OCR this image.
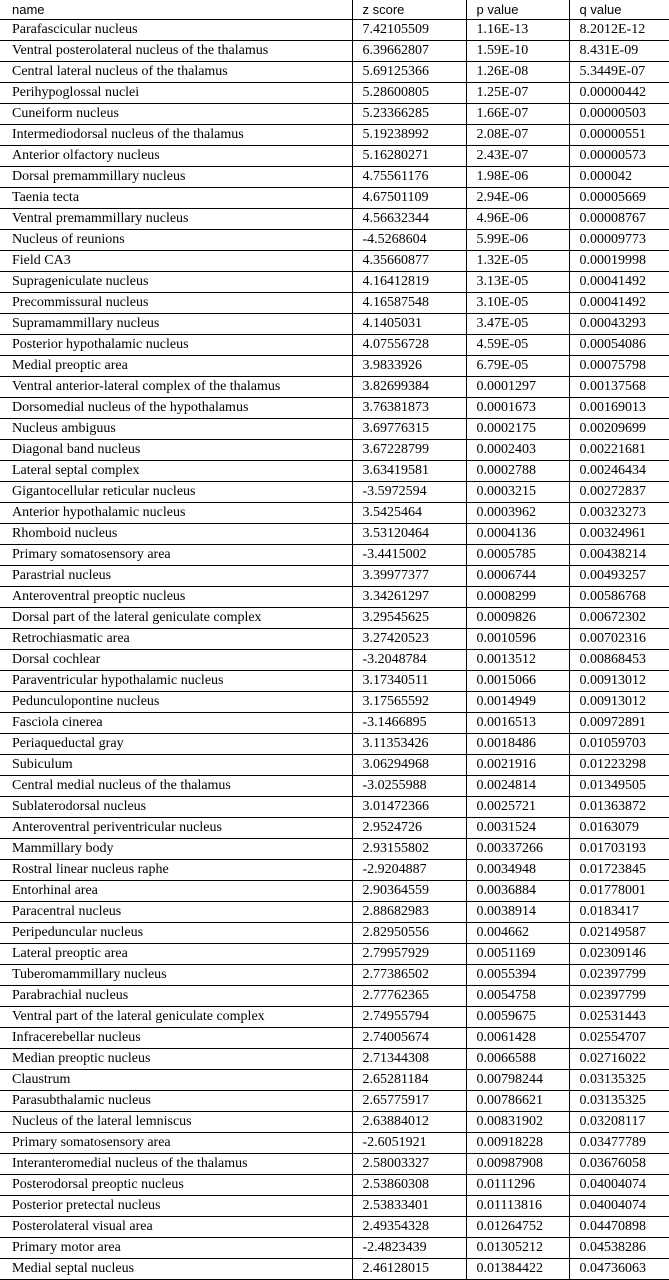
name	z score	p value	q value
Parafascicular nucleus	7.42105509	1.16E-13	8.2012E-12
Ventral posterolateral nucleus of the thalamus	6.39662807	1.59E-10	8.431E-09
Central lateral nucleus of the thalamus	5.69125366	1.26E-08	5.3449E-07
Perihypoglossal nuclei	5.28600805	1.25E-07	0.00000442
Cuneiform nucleus	5.23366285	1.66E-07	0.00000503
Intermediodorsal nucleus of the thalamus	5.19238992	2.08E-07	0.00000551
Anterior olfactory nucleus	5.16280271	2.43E-07	0.00000573
Dorsal premammillary nucleus	4.75561176	1.98E-06	0.000042
Taenia tecta	4.67501109	2.94E-06	0.00005669
Ventral premammillary nucleus	4.56632344	4.96E-06	0.00008767
Nucleus of reunions	-4.5268604	5.99E-06	0.00009773
Field CA3	4.35660877	1.32E-05	0.00019998
Suprageniculate nucleus	4.16412819	3.13E-05	0.00041492
Precommissural nucleus	4.16587548	3.10E-05	0.00041492
Supramammillary nucleus	4.1405031	3.47E-05	0.00043293
Posterior hypothalamic nucleus	4.07556728	4.59E-05	0.00054086
Medial preoptic area	3.9833926	6.79E-05	0.00075798
Ventral anterior-lateral complex of the thalamus	3.82699384	0.0001297	0.00137568
Dorsomedial nucleus of the hypothalamus	3.76381873	0.0001673	0.00169013
Nucleus ambiguus	3.69776315	0.0002175	0.00209699
Diagonal band nucleus	3.67228799	0.0002403	0.00221681
Lateral septal complex	3.63419581	0.0002788	0.00246434
Gigantocellular reticular nucleus	-3.5972594	0.0003215	0.00272837
Anterior hypothalamic nucleus	3.5425464	0.0003962	0.00323273
Rhomboid nucleus	3.53120464	0.0004136	0.00324961
Primary somatosensory area	-3.4415002	0.0005785	0.00438214
Parastrial nucleus	3.39977377	0.0006744	0.00493257
Anteroventral preoptic nucleus	3.34261297	0.0008299	0.00586768
Dorsal part of the lateral geniculate complex	3.29545625	0.0009826	0.00672302
Retrochiasmatic area	3.27420523	0.0010596	0.00702316
Dorsal cochlear	-3.2048784	0.0013512	0.00868453
Paraventricular hypothalamic nucleus	3.17340511	0.0015066	0.00913012
Pedunculopontine nucleus	3.17565592	0.0014949	0.00913012
Fasciola cinerea	-3.1466895	0.0016513	0.00972891
Periaqueductal gray	3.11353426	0.0018486	0.01059703
Subiculum	3.06294968	0.0021916	0.01223298
Central medial nucleus of the thalamus	-3.0255988	0.0024814	0.01349505
Sublaterodorsal nucleus	3.01472366	0.0025721	0.01363872
Anteroventral periventricular nucleus	2.9524726	0.0031524	0.0163079
Mammillary body	2.93155802	0.00337266	0.01703193
Rostral linear nucleus raphe	-2.9204887	0.0034948	0.01723845
Entorhinal area	2.90364559	0.0036884	0.01778001
Paracentral nucleus	2.88682983	0.0038914	0.0183417
Peripeduncular nucleus	2.82950556	0.004662	0.02149587
Lateral preoptic area	2.79957929	0.0051169	0.02309146
Tuberomammillary nucleus	2.77386502	0.0055394	0.02397799
Parabrachial nucleus	2.77762365	0.0054758	0.02397799
Ventral part of the lateral geniculate complex	2.74955794	0.0059675	0.02531443
Infracerebellar nucleus	2.74005674	0.0061428	0.02554707
Median preoptic nucleus	2.71344308	0.0066588	0.02716022
Claustrum	2.65281184	0.00798244	0.03135325
Parasubthalamic nucleus	2.65775917	0.00786621	0.03135325
Nucleus of the lateral lemniscus	2.63884012	0.00831902	0.03208117
Primary somatosensory area	-2.6051921	0.00918228	0.03477789
Interanteromedial nucleus of the thalamus	2.58003327	0.00987908	0.03676058
Posterodorsal preoptic nucleus	2.53860308	0.0111296	0.04004074
Posterior pretectal nucleus	2.53833401	0.01113816	0.04004074
Posterolateral visual area	2.49354328	0.01264752	0.04470898
Primary motor area	-2.4823439	0.01305212	0.04538286
Medial septal nucleus	2.46128015	0.01384422	0.04736063
